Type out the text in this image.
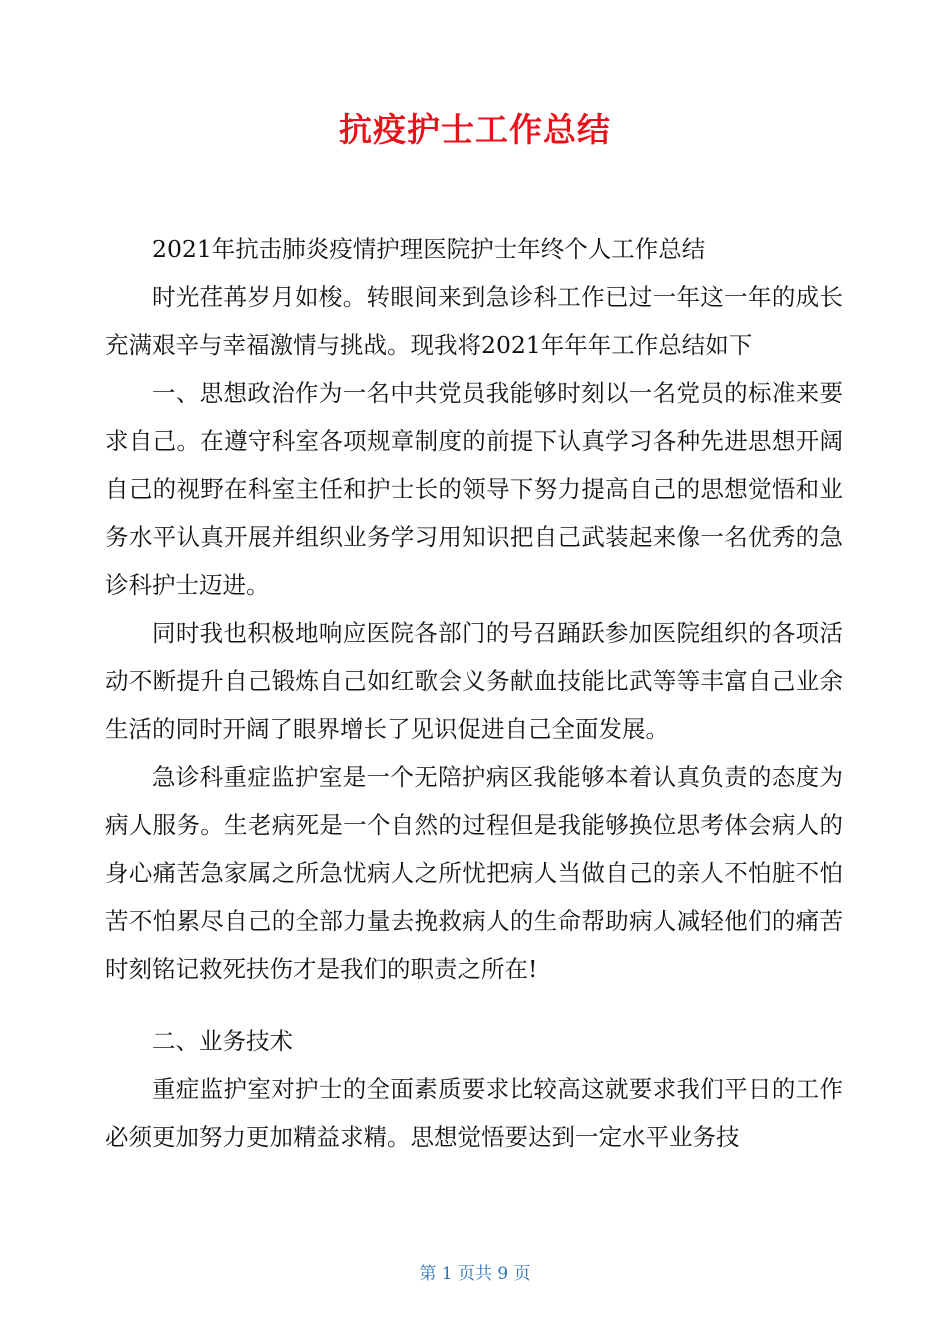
抗疫护士工作总结

2021年抗击肺炎疫情护理医院护士年终个人工作总结

时光荏苒岁月如梭。转眼间来到急诊科工作已过一年这一年的成长充满艰辛与幸福激情与挑战。现我将2021年年年工作总结如下

一、思想政治作为一名中共党员我能够时刻以一名党员的标准来要求自己。在遵守科室各项规章制度的前提下认真学习各种先进思想开阔自己的视野在科室主任和护士长的领导下努力提高自己的思想觉悟和业务水平认真开展并组织业务学习用知识把自己武装起来像一名优秀的急诊科护士迈进。

同时我也积极地响应医院各部门的号召踊跃参加医院组织的各项活动不断提升自己锻炼自己如红歌会义务献血技能比武等等丰富自己业余生活的同时开阔了眼界增长了见识促进自己全面发展。

急诊科重症监护室是一个无陪护病区我能够本着认真负责的态度为病人服务。生老病死是一个自然的过程但是我能够换位思考体会病人的身心痛苦急家属之所急忧病人之所忧把病人当做自己的亲人不怕脏不怕苦不怕累尽自己的全部力量去挽救病人的生命帮助病人减轻他们的痛苦时刻铭记救死扶伤才是我们的职责之所在!

二、业务技术

重症监护室对护士的全面素质要求比较高这就要求我们平日的工作必须更加努力更加精益求精。思想觉悟要达到一定水平业务技

第 1 页共 9 页
